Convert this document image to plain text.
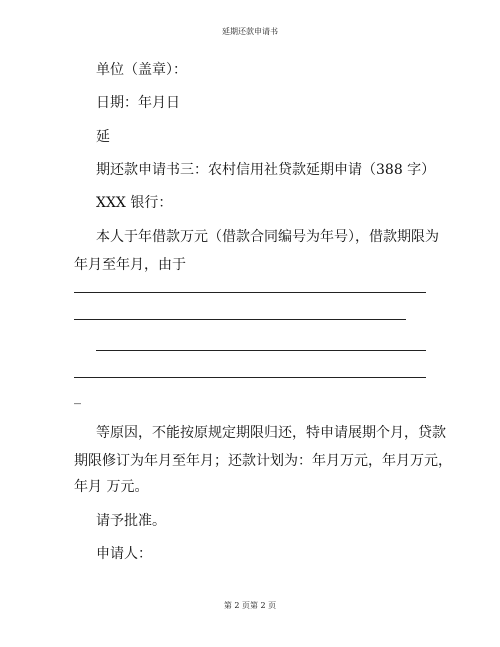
延期还款申请书
单位（盖章）：
日期：年月日
延
期还款申请书三：农村信用社贷款延期申请（388 字）
XXX 银行：
本人于年借款万元（借款合同编号为年号），借款期限为
年月至年月，由于
_
等原因，不能按原规定期限归还，特申请展期个月，贷款
期限修订为年月至年月；还款计划为：年月万元，年月万元，
年月 万元。
请予批准。
申请人：
第 2 页第 2 页
